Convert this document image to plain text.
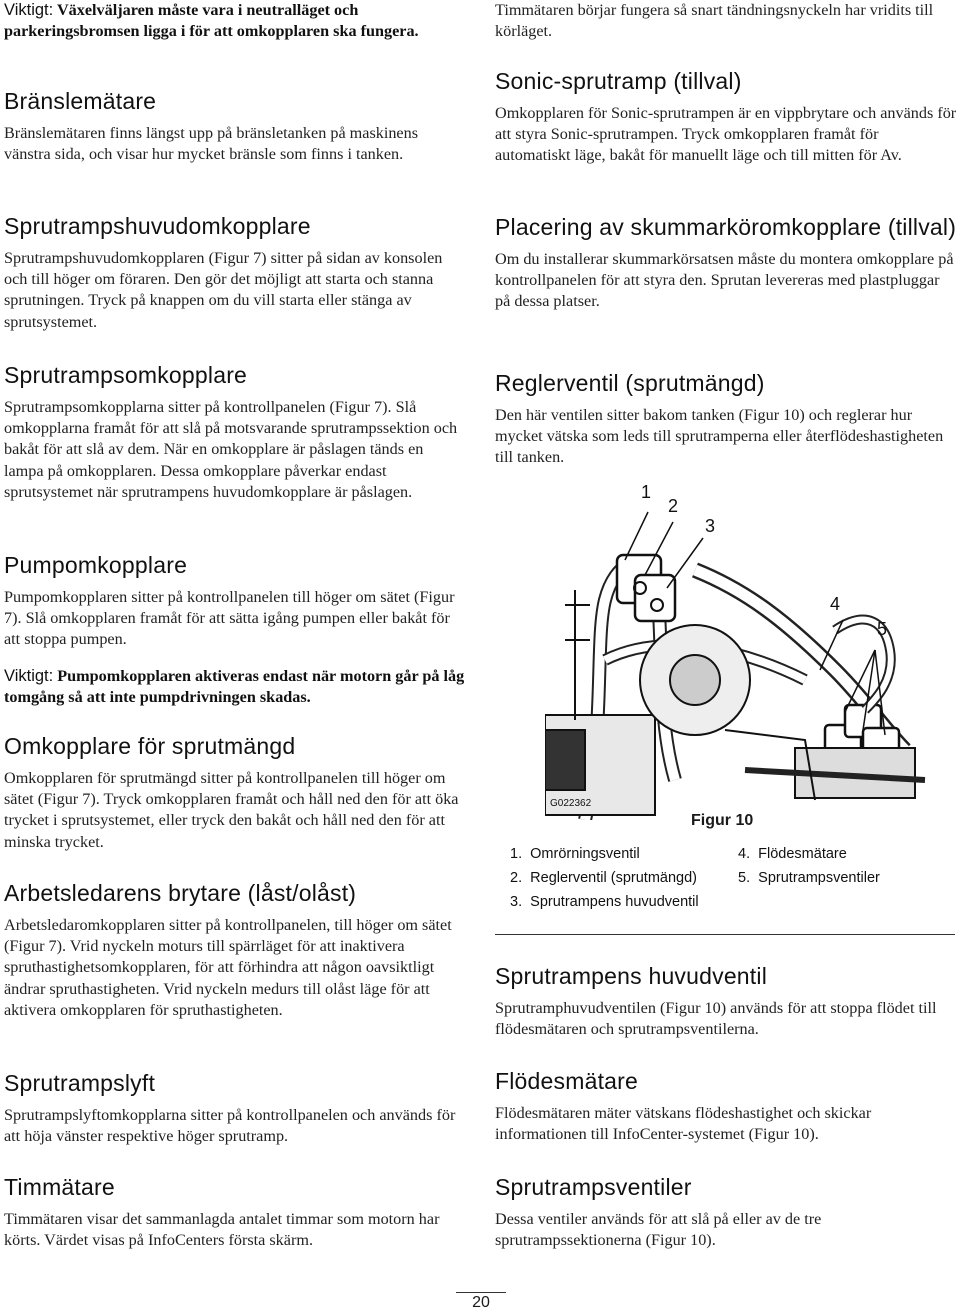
Viktigt: Växelväljaren måste vara i neutralläget och parkeringsbromsen ligga i för att omkopplaren ska fungera.
Bränslemätare

Bränslemätaren finns längst upp på bränsletanken på maskinens vänstra sida, och visar hur mycket bränsle som finns i tanken.

Sprutrampshuvudomkopplare

Sprutrampshuvudomkopplaren (Figur 7) sitter på sidan av konsolen och till höger om föraren. Den gör det möjligt att starta och stanna sprutningen. Tryck på knappen om du vill starta eller stänga av sprutsystemet.

Sprutrampsomkopplare

Sprutrampsomkopplarna sitter på kontrollpanelen (Figur 7). Slå omkopplarna framåt för att slå på motsvarande sprutrampssektion och bakåt för att slå av dem. När en omkopplare är påslagen tänds en lampa på omkopplaren. Dessa omkopplare påverkar endast sprutsystemet när sprutrampens huvudomkopplare är påslagen.

Pumpomkopplare

Pumpomkopplaren sitter på kontrollpanelen till höger om sätet (Figur 7). Slå omkopplaren framåt för att sätta igång pumpen eller bakåt för att stoppa pumpen.

Viktigt: Pumpomkopplaren aktiveras endast när motorn går på låg tomgång så att inte pumpdrivningen skadas.
Omkopplare för sprutmängd

Omkopplaren för sprutmängd sitter på kontrollpanelen till höger om sätet (Figur 7). Tryck omkopplaren framåt och håll ned den för att öka trycket i sprutsystemet, eller tryck den bakåt och håll ned den för att minska trycket.

Arbetsledarens brytare (låst/olåst)

Arbetsledaromkopplaren sitter på kontrollpanelen, till höger om sätet (Figur 7). Vrid nyckeln moturs till spärrläget för att inaktivera spruthastighetsomkopplaren, för att förhindra att någon oavsiktligt ändrar spruthastigheten. Vrid nyckeln medurs till olåst läge för att aktivera omkopplaren för spruthastigheten.

Sprutrampslyft

Sprutrampslyftomkopplarna sitter på kontrollpanelen och används för att höja vänster respektive höger sprutramp.

Timmätare

Timmätaren visar det sammanlagda antalet timmar som motorn har körts. Värdet visas på InfoCenters första skärm.

Timmätaren börjar fungera så snart tändningsnyckeln har vridits till körläget.

Sonic-sprutramp (tillval)

Omkopplaren för Sonic-sprutrampen är en vippbrytare och används för att styra Sonic-sprutrampen. Tryck omkopplaren framåt för automatiskt läge, bakåt för manuellt läge och till mitten för Av.

Placering av skummarköromkopplare (tillval)

Om du installerar skummarkörsatsen måste du montera omkopplare på kontrollpanelen för att styra den. Sprutan levereras med plastpluggar på dessa platser.

Reglerventil (sprutmängd)

Den här ventilen sitter bakom tanken (Figur 10) och reglerar hur mycket vätska som leds till sprutramperna eller återflödeshastigheten till tanken.

1
2
3
4
5
G022362
Figur 10
1. Omrörningsventil
2. Reglerventil (sprutmängd)
3. Sprutrampens huvudventil
4. Flödesmätare
5. Sprutrampsventiler
Sprutrampens huvudventil

Sprutramphuvudventilen (Figur 10) används för att stoppa flödet till flödesmätaren och sprutrampsventilerna.

Flödesmätare

Flödesmätaren mäter vätskans flödeshastighet och skickar informationen till InfoCenter-systemet (Figur 10).

Sprutrampsventiler

Dessa ventiler används för att slå på eller av de tre sprutrampssektionerna (Figur 10).

20
